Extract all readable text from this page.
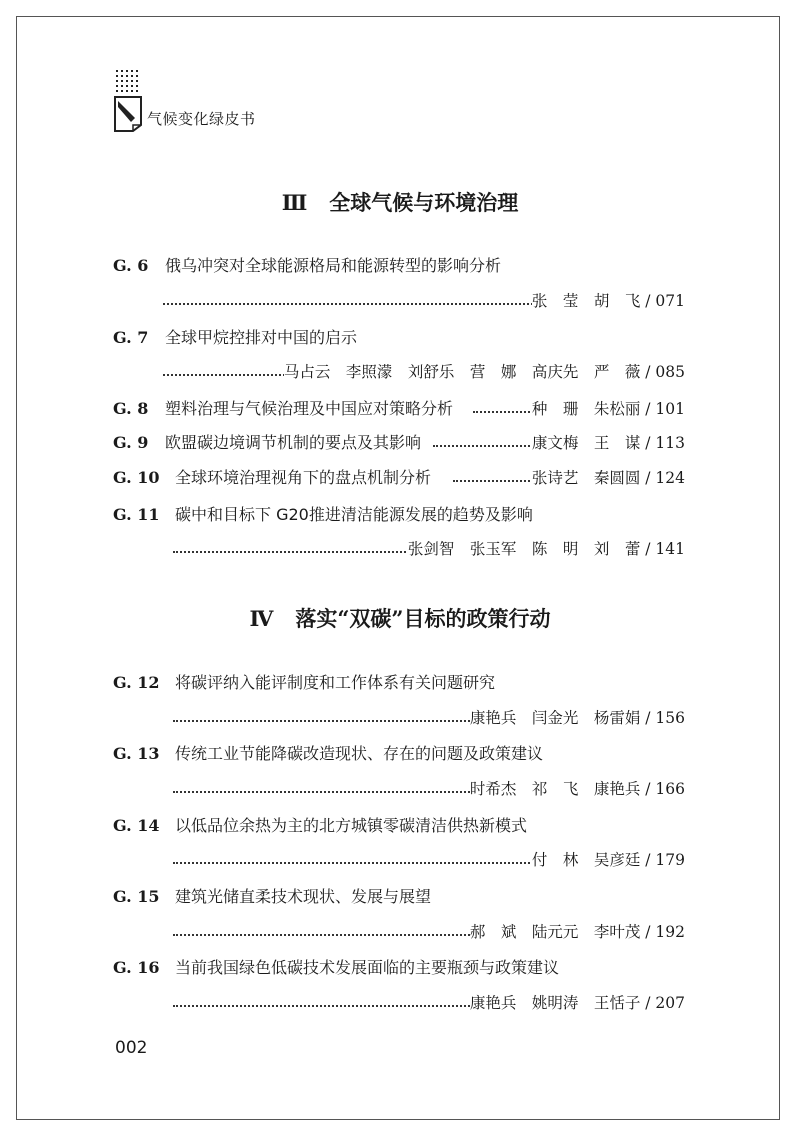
气候变化绿皮书
Ⅲ 全球气候与环境治理
G. 6 俄乌冲突对全球能源格局和能源转型的影响分析
张　莹　胡　飞 / 071
G. 7 全球甲烷控排对中国的启示
马占云　李照濛　刘舒乐　营　娜　高庆先　严　薇 / 085
G. 8 塑料治理与气候治理及中国应对策略分析	种　珊　朱松丽 / 101
G. 9 欧盟碳边境调节机制的要点及其影响	康文梅　王　谋 / 113
G. 10 全球环境治理视角下的盘点机制分析	张诗艺　秦圆圆 / 124
G. 11 碳中和目标下 G20推进清洁能源发展的趋势及影响
张剑智　张玉军　陈　明　刘　蕾 / 141
Ⅳ 落实“双碳”目标的政策行动
G. 12 将碳评纳入能评制度和工作体系有关问题研究
康艳兵　闫金光　杨雷娟 / 156
G. 13 传统工业节能降碳改造现状、存在的问题及政策建议
时希杰　祁　飞　康艳兵 / 166
G. 14 以低品位余热为主的北方城镇零碳清洁供热新模式
付　林　吴彦廷 / 179
G. 15 建筑光储直柔技术现状、发展与展望
郝　斌　陆元元　李叶茂 / 192
G. 16 当前我国绿色低碳技术发展面临的主要瓶颈与政策建议
康艳兵　姚明涛　王恬子 / 207
002
